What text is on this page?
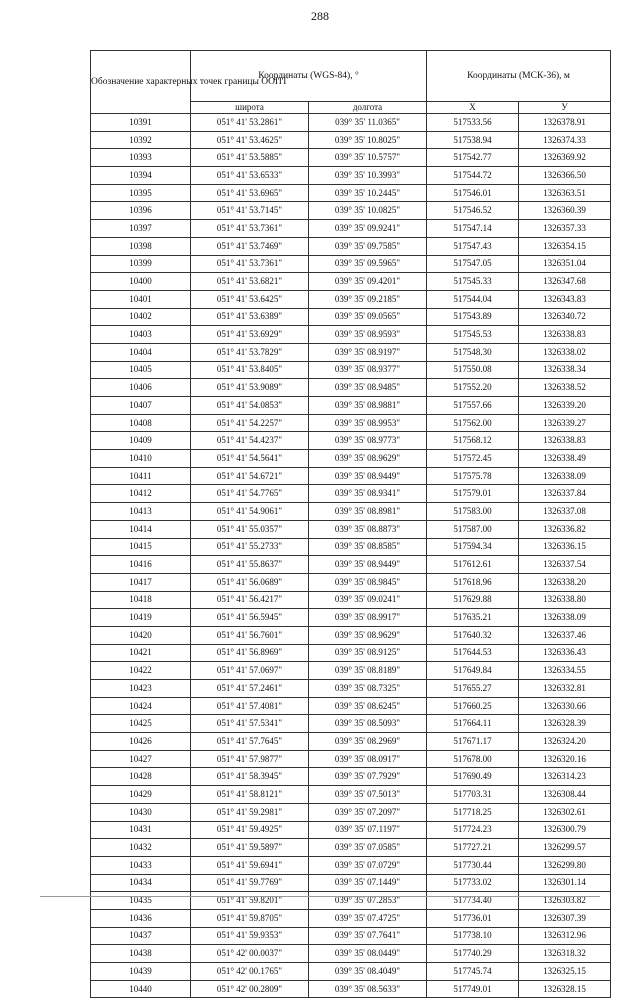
288
Обозначение характерных точек границы ООПТ	Координаты (WGS-84), °		Координаты (МСК-36), м	
	широта	долгота	X	У
10391	051° 41' 53.2861"	039° 35' 11.0365"	517533.56	1326378.91
10392	051° 41' 53.4625"	039° 35' 10.8025"	517538.94	1326374.33
10393	051° 41' 53.5885"	039° 35' 10.5757"	517542.77	1326369.92
10394	051° 41' 53.6533"	039° 35' 10.3993"	517544.72	1326366.50
10395	051° 41' 53.6965"	039° 35' 10.2445"	517546.01	1326363.51
10396	051° 41' 53.7145"	039° 35' 10.0825"	517546.52	1326360.39
10397	051° 41' 53.7361"	039° 35' 09.9241"	517547.14	1326357.33
10398	051° 41' 53.7469"	039° 35' 09.7585"	517547.43	1326354.15
10399	051° 41' 53.7361"	039° 35' 09.5965"	517547.05	1326351.04
10400	051° 41' 53.6821"	039° 35' 09.4201"	517545.33	1326347.68
10401	051° 41' 53.6425"	039° 35' 09.2185"	517544.04	1326343.83
10402	051° 41' 53.6389"	039° 35' 09.0565"	517543.89	1326340.72
10403	051° 41' 53.6929"	039° 35' 08.9593"	517545.53	1326338.83
10404	051° 41' 53.7829"	039° 35' 08.9197"	517548.30	1326338.02
10405	051° 41' 53.8405"	039° 35' 08.9377"	517550.08	1326338.34
10406	051° 41' 53.9089"	039° 35' 08.9485"	517552.20	1326338.52
10407	051° 41' 54.0853"	039° 35' 08.9881"	517557.66	1326339.20
10408	051° 41' 54.2257"	039° 35' 08.9953"	517562.00	1326339.27
10409	051° 41' 54.4237"	039° 35' 08.9773"	517568.12	1326338.83
10410	051° 41' 54.5641"	039° 35' 08.9629"	517572.45	1326338.49
10411	051° 41' 54.6721"	039° 35' 08.9449"	517575.78	1326338.09
10412	051° 41' 54.7765"	039° 35' 08.9341"	517579.01	1326337.84
10413	051° 41' 54.9061"	039° 35' 08.8981"	517583.00	1326337.08
10414	051° 41' 55.0357"	039° 35' 08.8873"	517587.00	1326336.82
10415	051° 41' 55.2733"	039° 35' 08.8585"	517594.34	1326336.15
10416	051° 41' 55.8637"	039° 35' 08.9449"	517612.61	1326337.54
10417	051° 41' 56.0689"	039° 35' 08.9845"	517618.96	1326338.20
10418	051° 41' 56.4217"	039° 35' 09.0241"	517629.88	1326338.80
10419	051° 41' 56.5945"	039° 35' 08.9917"	517635.21	1326338.09
10420	051° 41' 56.7601"	039° 35' 08.9629"	517640.32	1326337.46
10421	051° 41' 56.8969"	039° 35' 08.9125"	517644.53	1326336.43
10422	051° 41' 57.0697"	039° 35' 08.8189"	517649.84	1326334.55
10423	051° 41' 57.2461"	039° 35' 08.7325"	517655.27	1326332.81
10424	051° 41' 57.4081"	039° 35' 08.6245"	517660.25	1326330.66
10425	051° 41' 57.5341"	039° 35' 08.5093"	517664.11	1326328.39
10426	051° 41' 57.7645"	039° 35' 08.2969"	517671.17	1326324.20
10427	051° 41' 57.9877"	039° 35' 08.0917"	517678.00	1326320.16
10428	051° 41' 58.3945"	039° 35' 07.7929"	517690.49	1326314.23
10429	051° 41' 58.8121"	039° 35' 07.5013"	517703.31	1326308.44
10430	051° 41' 59.2981"	039° 35' 07.2097"	517718.25	1326302.61
10431	051° 41' 59.4925"	039° 35' 07.1197"	517724.23	1326300.79
10432	051° 41' 59.5897"	039° 35' 07.0585"	517727.21	1326299.57
10433	051° 41' 59.6941"	039° 35' 07.0729"	517730.44	1326299.80
10434	051° 41' 59.7769"	039° 35' 07.1449"	517733.02	1326301.14
10435	051° 41' 59.8201"	039° 35' 07.2853"	517734.40	1326303.82
10436	051° 41' 59.8705"	039° 35' 07.4725"	517736.01	1326307.39
10437	051° 41' 59.9353"	039° 35' 07.7641"	517738.10	1326312.96
10438	051° 42' 00.0037"	039° 35' 08.0449"	517740.29	1326318.32
10439	051° 42' 00.1765"	039° 35' 08.4049"	517745.74	1326325.15
10440	051° 42' 00.2809"	039° 35' 08.5633"	517749.01	1326328.15
